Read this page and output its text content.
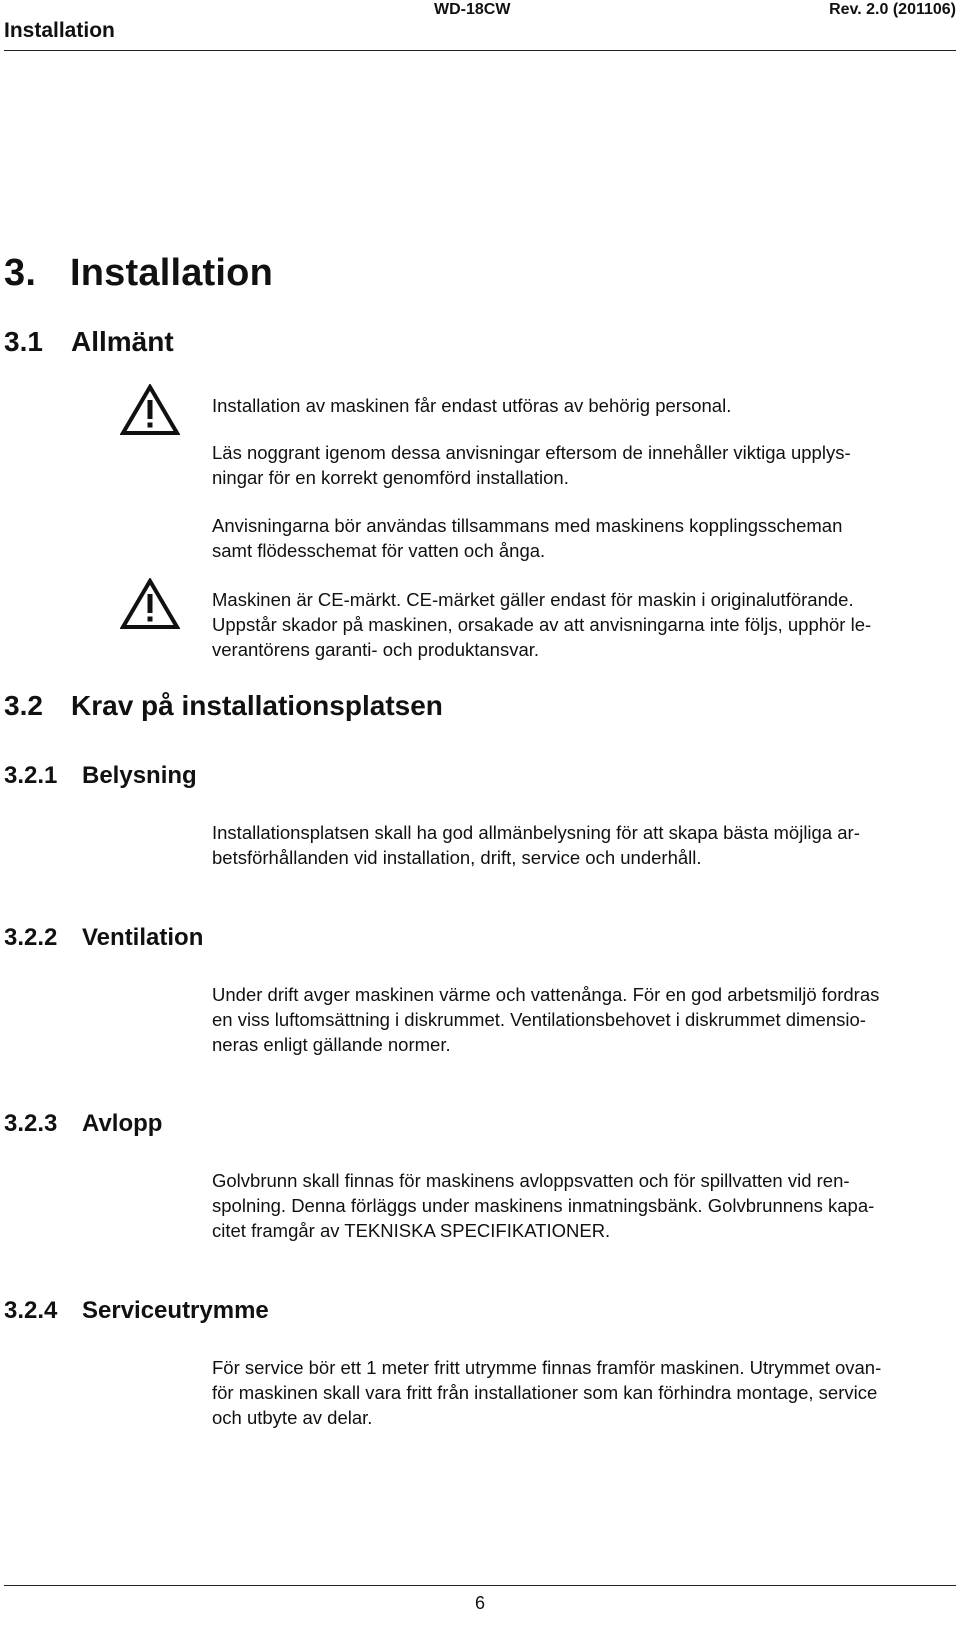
Installation
WD-18CW	Rev. 2.0 (201106)
3. Installation
3.1 Allmänt

Installation av maskinen får endast utföras av behörig personal.

Läs noggrant igenom dessa anvisningar eftersom de innehåller viktiga upplys-

ningar för en korrekt genomförd installation.

Anvisningarna bör användas tillsammans med maskinens kopplingsscheman

samt flödesschemat för vatten och ånga.

Maskinen är CE-märkt. CE-märket gäller endast för maskin i originalutförande.

Uppstår skador på maskinen, orsakade av att anvisningarna inte följs, upphör le-

verantörens garanti- och produktansvar.

3.2 Krav på installationsplatsen
3.2.1 Belysning

Installationsplatsen skall ha god allmänbelysning för att skapa bästa möjliga ar-

betsförhållanden vid installation, drift, service och underhåll.

3.2.2 Ventilation

Under drift avger maskinen värme och vattenånga. För en god arbetsmiljö fordras

en viss luftomsättning i diskrummet. Ventilationsbehovet i diskrummet dimensio-

neras enligt gällande normer.

3.2.3 Avlopp

Golvbrunn skall finnas för maskinens avloppsvatten och för spillvatten vid ren-

spolning. Denna förläggs under maskinens inmatningsbänk. Golvbrunnens kapa-

citet framgår av TEKNISKA SPECIFIKATIONER.

3.2.4 Serviceutrymme

För service bör ett 1 meter fritt utrymme finnas framför maskinen. Utrymmet ovan-

för maskinen skall vara fritt från installationer som kan förhindra montage, service

och utbyte av delar.

6
